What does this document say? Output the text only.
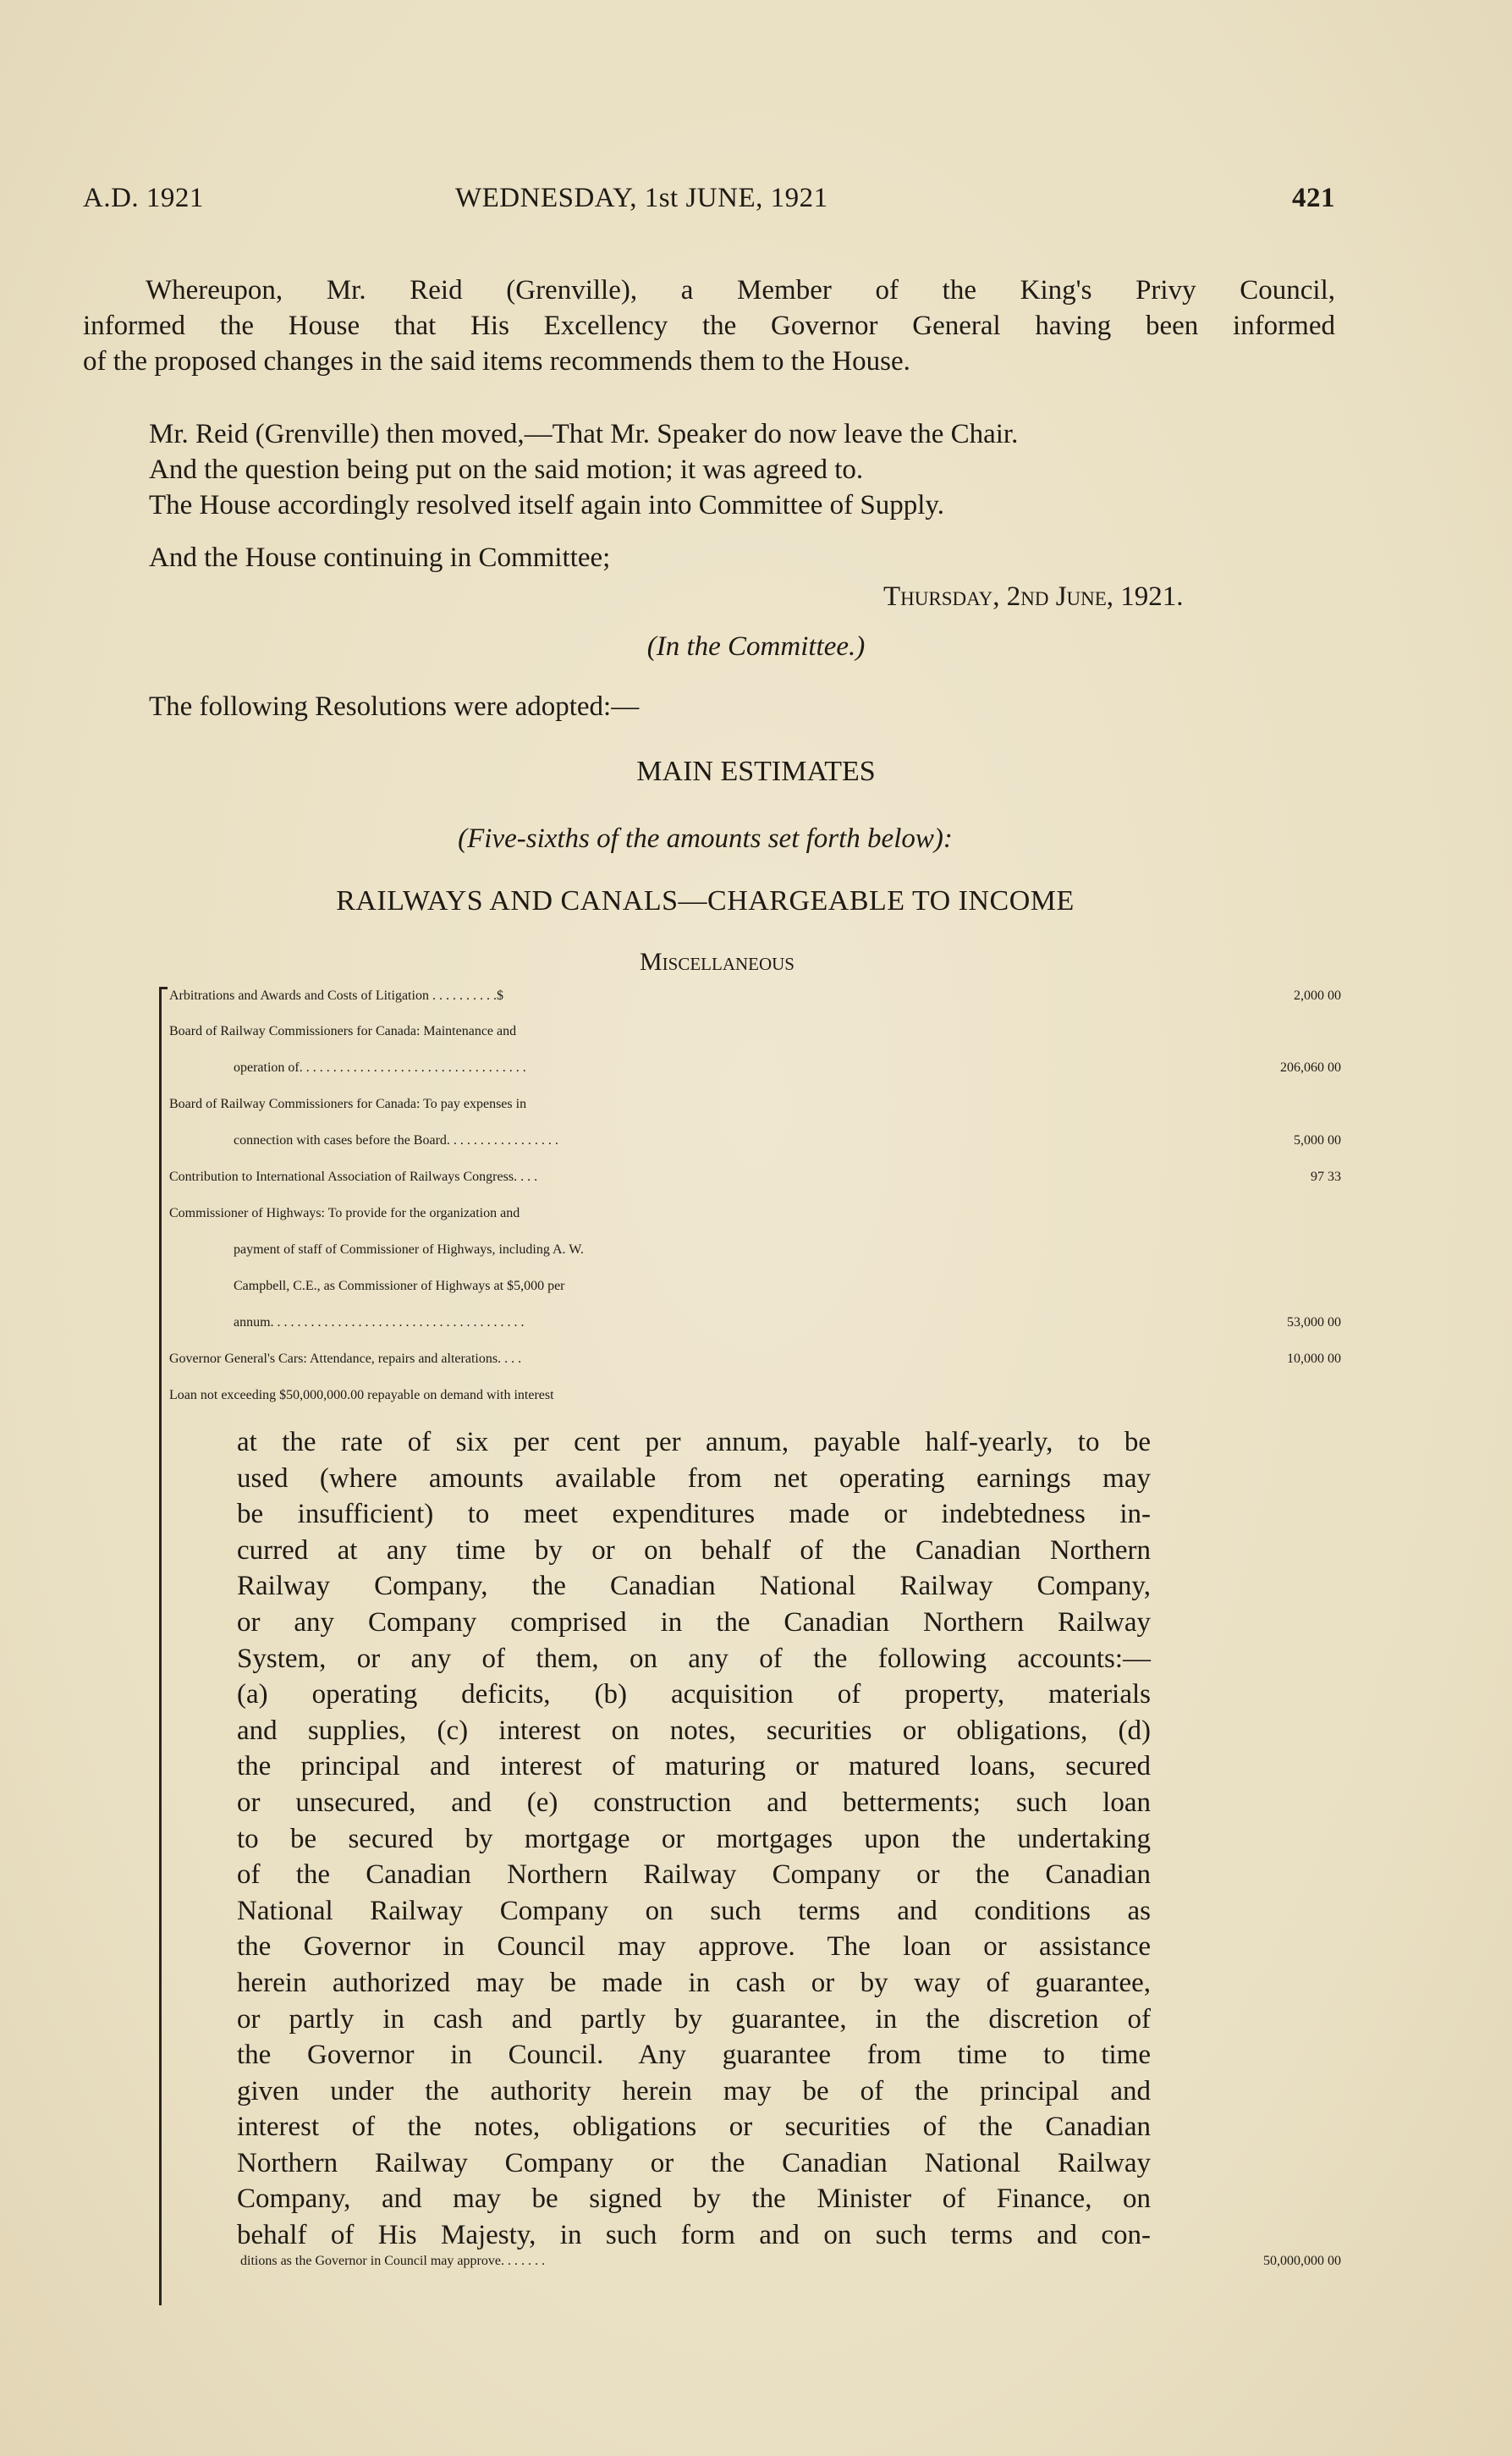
A.D. 1921	WEDNESDAY, 1st JUNE, 1921	421
Whereupon, Mr. Reid (Grenville), a Member of the King's Privy Council,
informed the House that His Excellency the Governor General having been informed
of the proposed changes in the said items recommends them to the House.
Mr. Reid (Grenville) then moved,—That Mr. Speaker do now leave the Chair.
And the question being put on the said motion; it was agreed to.
The House accordingly resolved itself again into Committee of Supply.
And the House continuing in Committee;
Thursday, 2nd June, 1921.
(In the Committee.)
The following Resolutions were adopted:—
MAIN ESTIMATES
(Five-sixths of the amounts set forth below):
RAILWAYS AND CANALS—CHARGEABLE TO INCOME
Miscellaneous
Arbitrations and Awards and Costs of Litigation . . . . . . . . . .$	2,000 00
Board of Railway Commissioners for Canada: Maintenance and
operation of. . . . . . . . . . . . . . . . . . . . . . . . . . . . . . . . . .	206,060 00
Board of Railway Commissioners for Canada: To pay expenses in
connection with cases before the Board. . . . . . . . . . . . . . . . .	5,000 00
Contribution to International Association of Railways Congress. . . .	97 33
Commissioner of Highways: To provide for the organization and
payment of staff of Commissioner of Highways, including A. W.
Campbell, C.E., as Commissioner of Highways at $5,000 per
annum. . . . . . . . . . . . . . . . . . . . . . . . . . . . . . . . . . . . . .	53,000 00
Governor General's Cars: Attendance, repairs and alterations. . . .	10,000 00
Loan not exceeding $50,000,000.00 repayable on demand with interest
at the rate of six per cent per annum, payable half-yearly, to be
used (where amounts available from net operating earnings may
be insufficient) to meet expenditures made or indebtedness in-
curred at any time by or on behalf of the Canadian Northern
Railway Company, the Canadian National Railway Company,
or any Company comprised in the Canadian Northern Railway
System, or any of them, on any of the following accounts:—
(a) operating deficits, (b) acquisition of property, materials
and supplies, (c) interest on notes, securities or obligations, (d)
the principal and interest of maturing or matured loans, secured
or unsecured, and (e) construction and betterments; such loan
to be secured by mortgage or mortgages upon the undertaking
of the Canadian Northern Railway Company or the Canadian
National Railway Company on such terms and conditions as
the Governor in Council may approve. The loan or assistance
herein authorized may be made in cash or by way of guarantee,
or partly in cash and partly by guarantee, in the discretion of
the Governor in Council. Any guarantee from time to time
given under the authority herein may be of the principal and
interest of the notes, obligations or securities of the Canadian
Northern Railway Company or the Canadian National Railway
Company, and may be signed by the Minister of Finance, on
behalf of His Majesty, in such form and on such terms and con-
ditions as the Governor in Council may approve. . . . . . .	50,000,000 00
